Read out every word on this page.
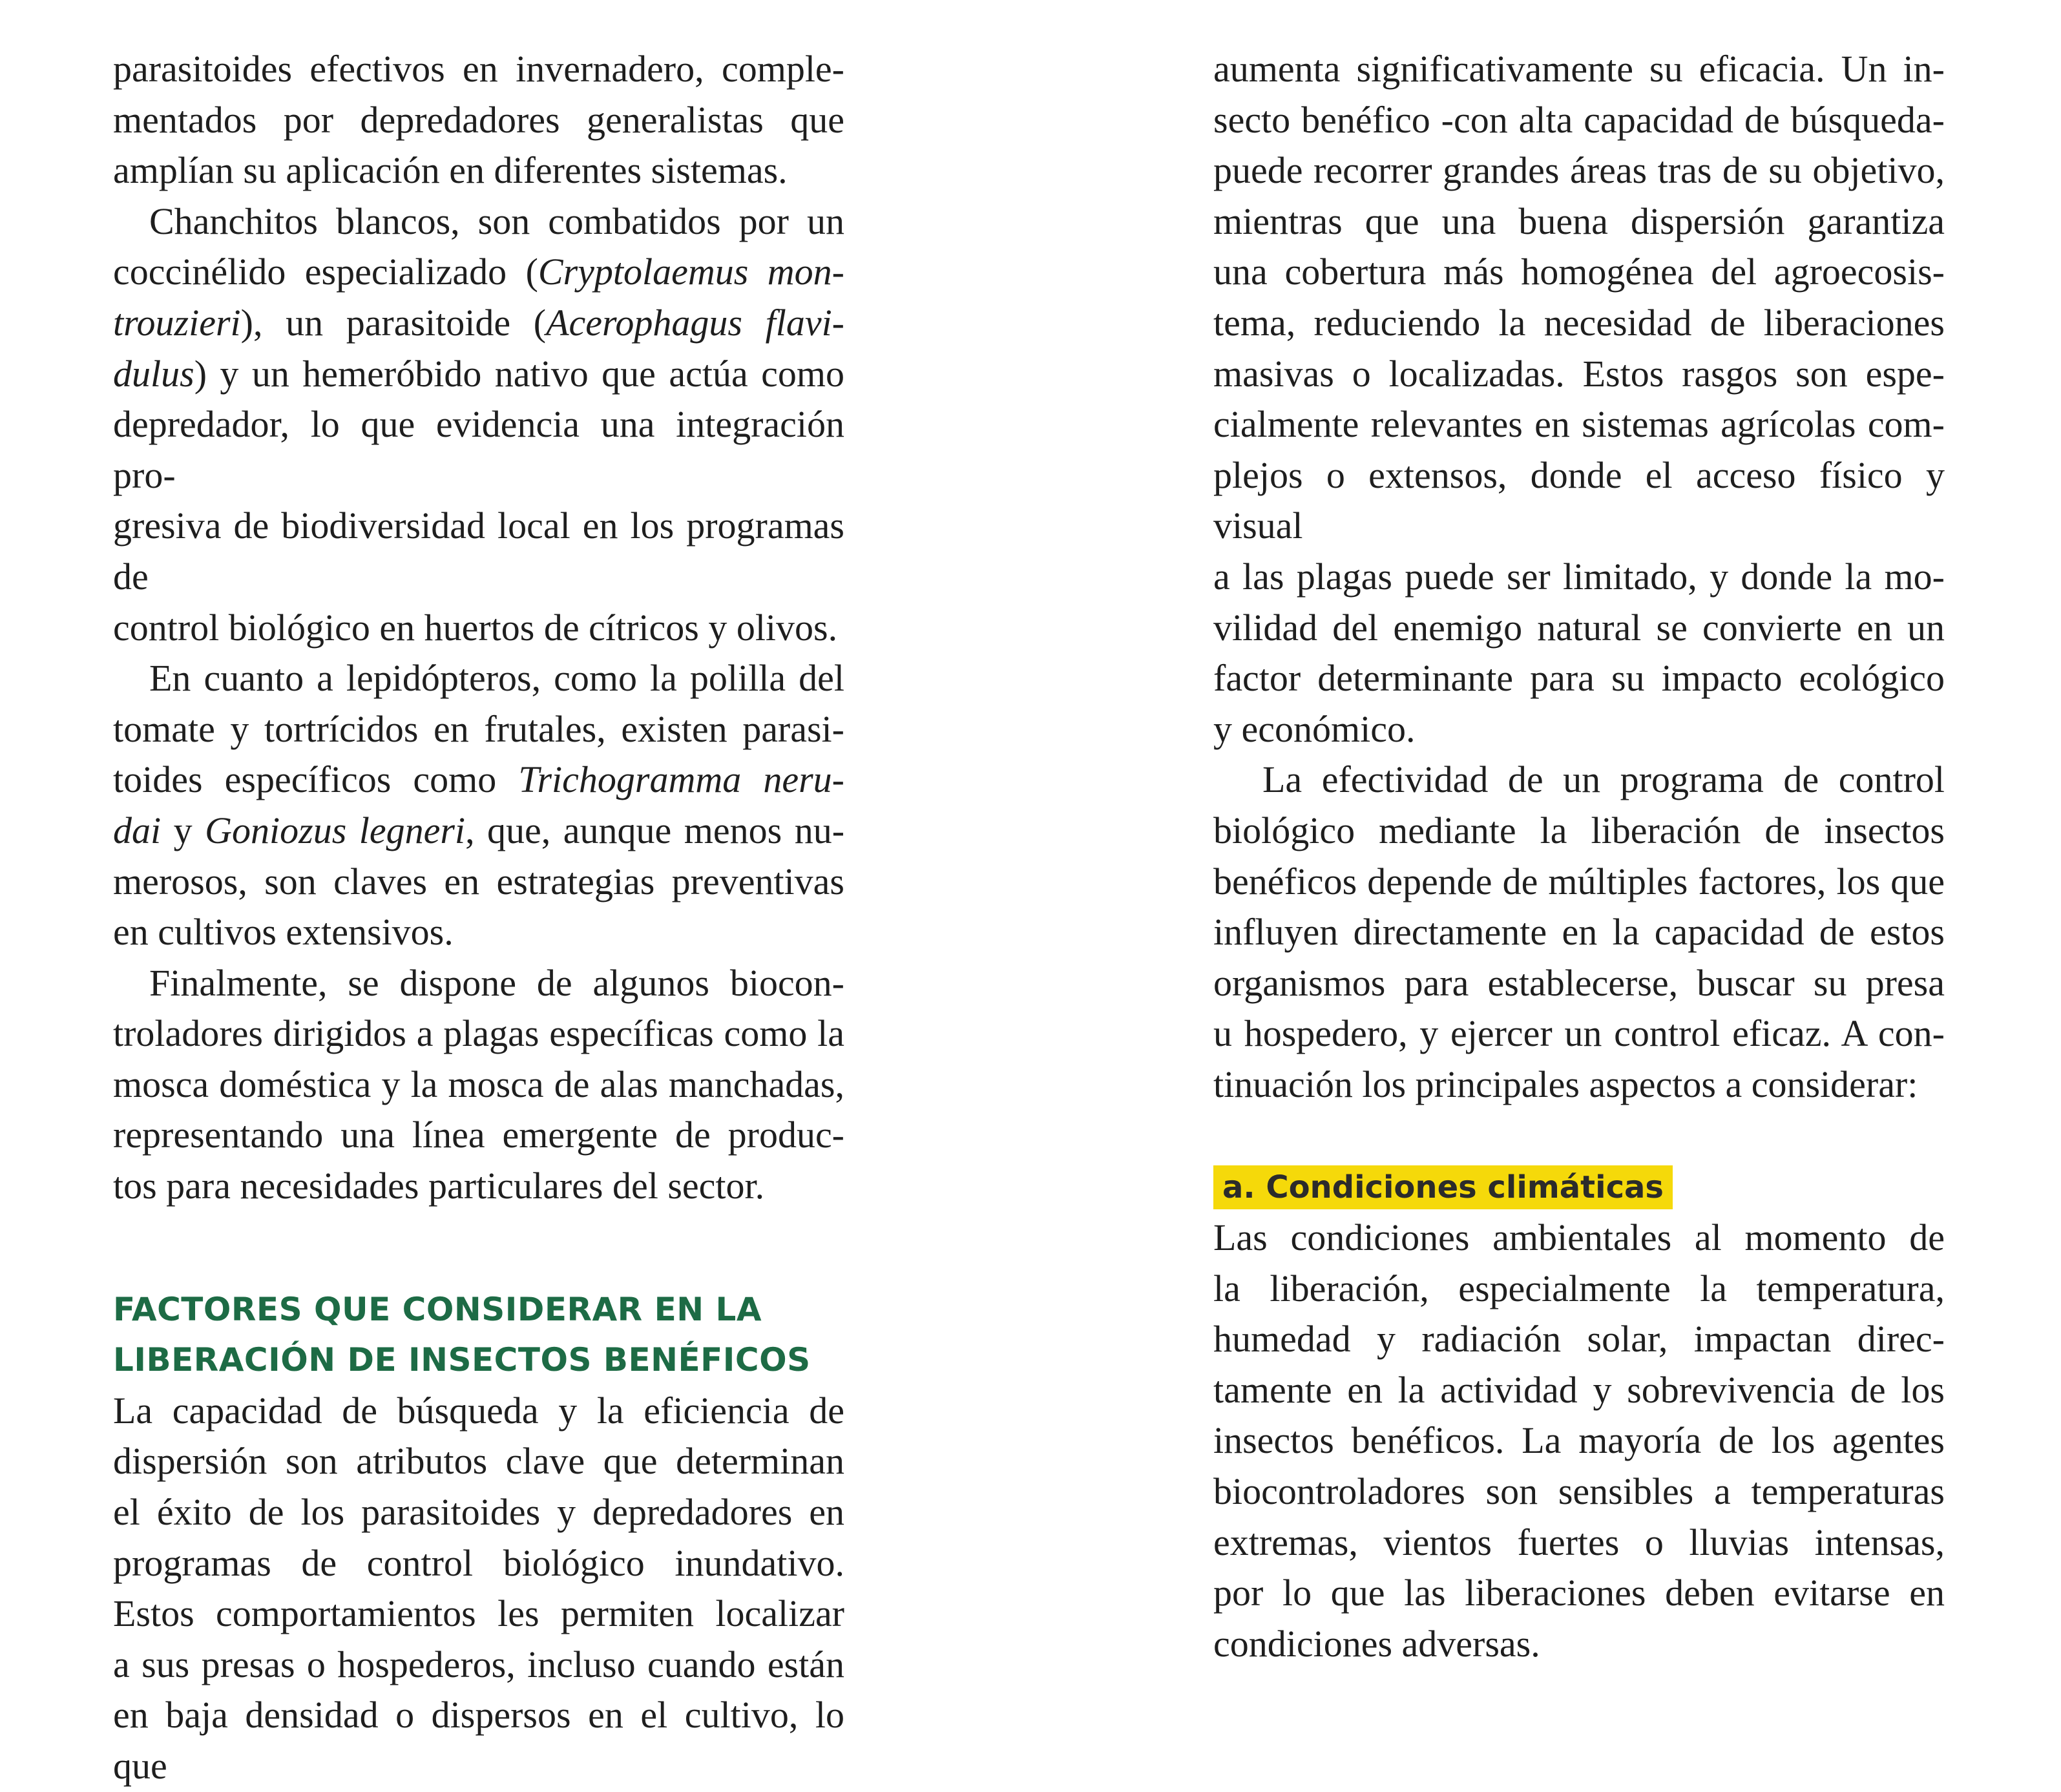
parasitoides efectivos en invernadero, comple-
mentados por depredadores generalistas que
amplían su aplicación en diferentes sistemas.

Chanchitos blancos, son combatidos por un
coccinélido especializado (Cryptolaemus mon-
trouzieri), un parasitoide (Acerophagus flavi-
dulus) y un hemeróbido nativo que actúa como
depredador, lo que evidencia una integración pro-
gresiva de biodiversidad local en los programas de
control biológico en huertos de cítricos y olivos.

En cuanto a lepidópteros, como la polilla del
tomate y tortrícidos en frutales, existen parasi-
toides específicos como Trichogramma neru-
dai y Goniozus legneri, que, aunque menos nu-
merosos, son claves en estrategias preventivas
en cultivos extensivos.

Finalmente, se dispone de algunos biocon-
troladores dirigidos a plagas específicas como la
mosca doméstica y la mosca de alas manchadas,
representando una línea emergente de produc-
tos para necesidades particulares del sector.

FACTORES QUE CONSIDERAR EN LA
LIBERACIÓN DE INSECTOS BENÉFICOS

La capacidad de búsqueda y la eficiencia de
dispersión son atributos clave que determinan
el éxito de los parasitoides y depredadores en
programas de control biológico inundativo.
Estos comportamientos les permiten localizar
a sus presas o hospederos, incluso cuando están
en baja densidad o dispersos en el cultivo, lo que

aumenta significativamente su eficacia. Un in-
secto benéfico -con alta capacidad de búsqueda-
puede recorrer grandes áreas tras de su objetivo,
mientras que una buena dispersión garantiza
una cobertura más homogénea del agroecosis-
tema, reduciendo la necesidad de liberaciones
masivas o localizadas. Estos rasgos son espe-
cialmente relevantes en sistemas agrícolas com-
plejos o extensos, donde el acceso físico y visual
a las plagas puede ser limitado, y donde la mo-
vilidad del enemigo natural se convierte en un
factor determinante para su impacto ecológico
y económico.

La efectividad de un programa de control
biológico mediante la liberación de insectos
benéficos depende de múltiples factores, los que
influyen directamente en la capacidad de estos
organismos para establecerse, buscar su presa
u hospedero, y ejercer un control eficaz. A con-
tinuación los principales aspectos a considerar:

a. Condiciones climáticas

Las condiciones ambientales al momento de
la liberación, especialmente la temperatura,
humedad y radiación solar, impactan direc-
tamente en la actividad y sobrevivencia de los
insectos benéficos. La mayoría de los agentes
biocontroladores son sensibles a temperaturas
extremas, vientos fuertes o lluvias intensas,
por lo que las liberaciones deben evitarse en
condiciones adversas.
